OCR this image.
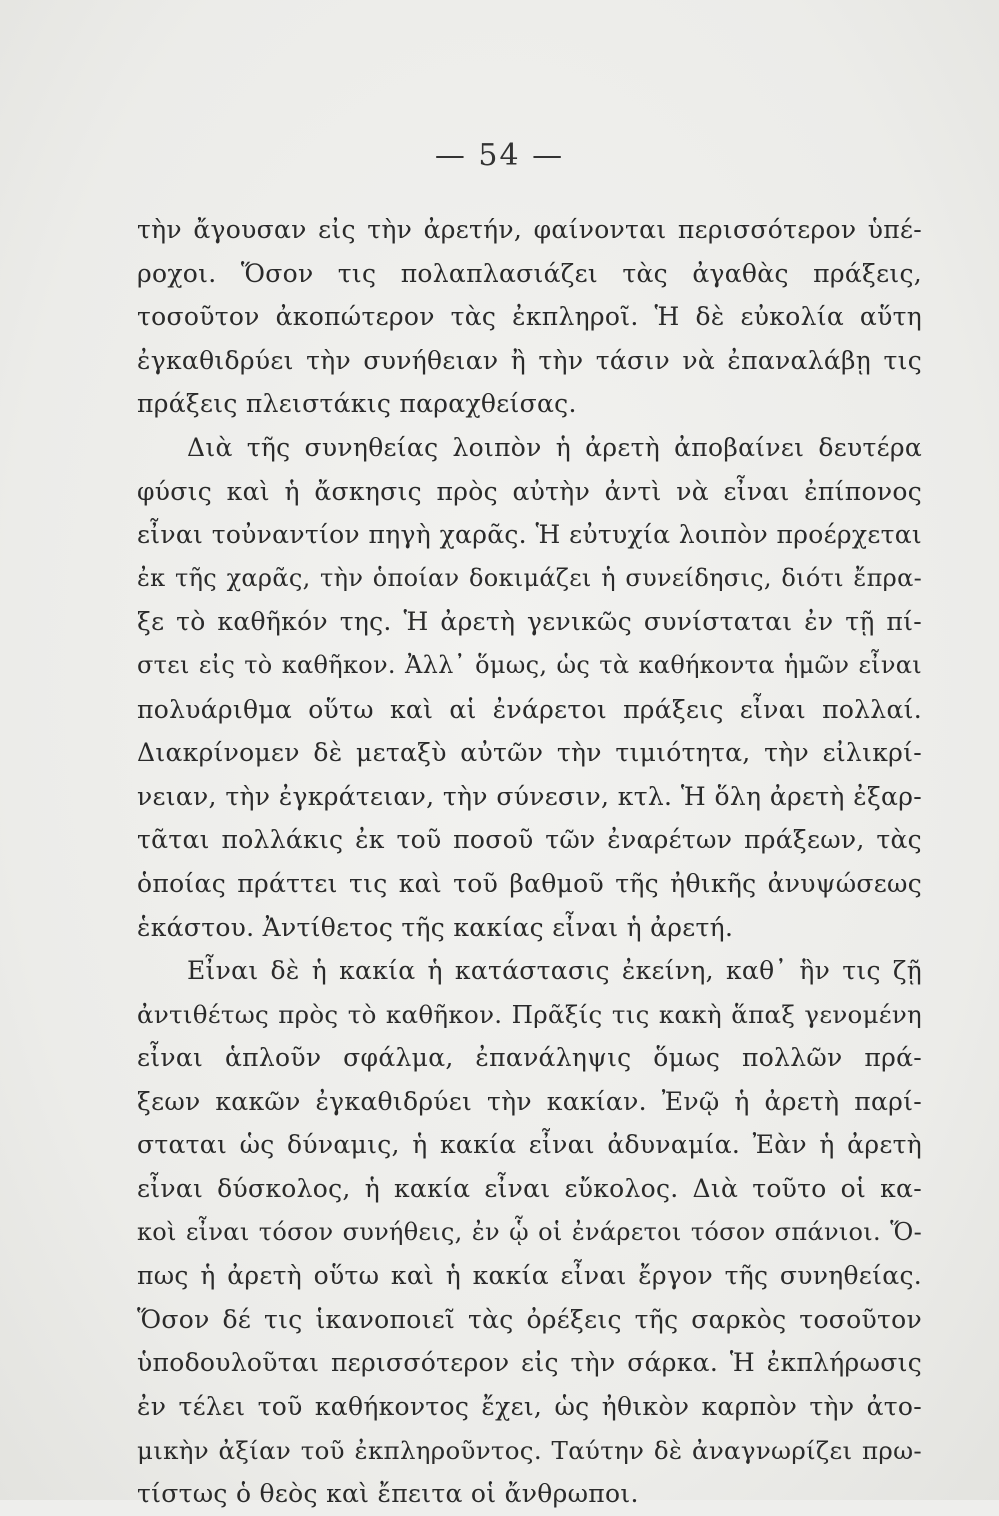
— 54 —
τὴν ἄγουσαν εἰς τὴν ἀρετήν, φαίνονται περισσότερον ὑπέ-
ροχοι. Ὅσον τις πολαπλασιάζει τὰς ἀγαθὰς πράξεις,
τοσοῦτον ἀκοπώτερον τὰς ἐκπληροῖ. Ἡ δὲ εὐκολία αὕτη
ἐγκαθιδρύει τὴν συνήθειαν ἢ τὴν τάσιν νὰ ἐπαναλάβῃ τις
πράξεις πλειστάκις παραχθείσας.
Διὰ τῆς συνηθείας λοιπὸν ἡ ἀρετὴ ἀποβαίνει δευτέρα
φύσις καὶ ἡ ἄσκησις πρὸς αὐτὴν ἀντὶ νὰ εἶναι ἐπίπονος
εἶναι τοὐναντίον πηγὴ χαρᾶς. Ἡ εὐτυχία λοιπὸν προέρχεται
ἐκ τῆς χαρᾶς, τὴν ὁποίαν δοκιμάζει ἡ συνείδησις, διότι ἔπρα-
ξε τὸ καθῆκόν της. Ἡ ἀρετὴ γενικῶς συνίσταται ἐν τῇ πί-
στει εἰς τὸ καθῆκον. Ἀλλ᾽ ὅμως, ὡς τὰ καθήκοντα ἡμῶν εἶναι
πολυάριθμα οὕτω καὶ αἱ ἐνάρετοι πράξεις εἶναι πολλαί.
Διακρίνομεν δὲ μεταξὺ αὐτῶν τὴν τιμιότητα, τὴν εἰλικρί-
νειαν, τὴν ἐγκράτειαν, τὴν σύνεσιν, κτλ. Ἡ ὅλη ἀρετὴ ἐξαρ-
τᾶται πολλάκις ἐκ τοῦ ποσοῦ τῶν ἐναρέτων πράξεων, τὰς
ὁποίας πράττει τις καὶ τοῦ βαθμοῦ τῆς ἠθικῆς ἀνυψώσεως
ἑκάστου. Ἀντίθετος τῆς κακίας εἶναι ἡ ἀρετή.
Εἶναι δὲ ἡ κακία ἡ κατάστασις ἐκείνη, καθ᾽ ἣν τις ζῇ
ἀντιθέτως πρὸς τὸ καθῆκον. Πρᾶξίς τις κακὴ ἅπαξ γενομένη
εἶναι ἁπλοῦν σφάλμα, ἐπανάληψις ὅμως πολλῶν πρά-
ξεων κακῶν ἐγκαθιδρύει τὴν κακίαν. Ἐνῷ ἡ ἀρετὴ παρί-
σταται ὡς δύναμις, ἡ κακία εἶναι ἀδυναμία. Ἐὰν ἡ ἀρετὴ
εἶναι δύσκολος, ἡ κακία εἶναι εὔκολος. Διὰ τοῦτο οἱ κα-
κοὶ εἶναι τόσον συνήθεις, ἐν ᾧ οἱ ἐνάρετοι τόσον σπάνιοι. Ὅ-
πως ἡ ἀρετὴ οὕτω καὶ ἡ κακία εἶναι ἔργον τῆς συνηθείας.
Ὅσον δέ τις ἱκανοποιεῖ τὰς ὀρέξεις τῆς σαρκὸς τοσοῦτον
ὑποδουλοῦται περισσότερον εἰς τὴν σάρκα. Ἡ ἐκπλήρωσις
ἐν τέλει τοῦ καθήκοντος ἔχει, ὡς ἠθικὸν καρπὸν τὴν ἀτο-
μικὴν ἀξίαν τοῦ ἐκπληροῦντος. Ταύτην δὲ ἀναγνωρίζει πρω-
τίστως ὁ θεὸς καὶ ἔπειτα οἱ ἄνθρωποι.
